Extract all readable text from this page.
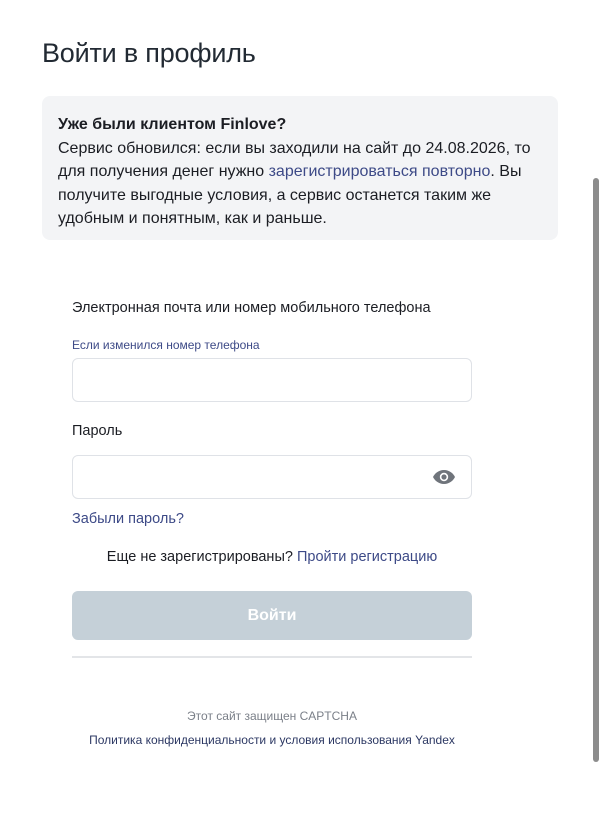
Войти в профиль
Уже были клиентом Finlove?
Сервис обновился: если вы заходили на сайт до 24.08.2026, то для получения денег нужно зарегистрироваться повторно. Вы получите выгодные условия, а сервис останется таким же удобным и понятным, как и раньше.
Электронная почта или номер мобильного телефона
Если изменился номер телефона
Пароль
Забыли пароль?
Еще не зарегистрированы? Пройти регистрацию
Войти
Этот сайт защищен CAPTCHA
Политика конфиденциальности и условия использования Yandex
